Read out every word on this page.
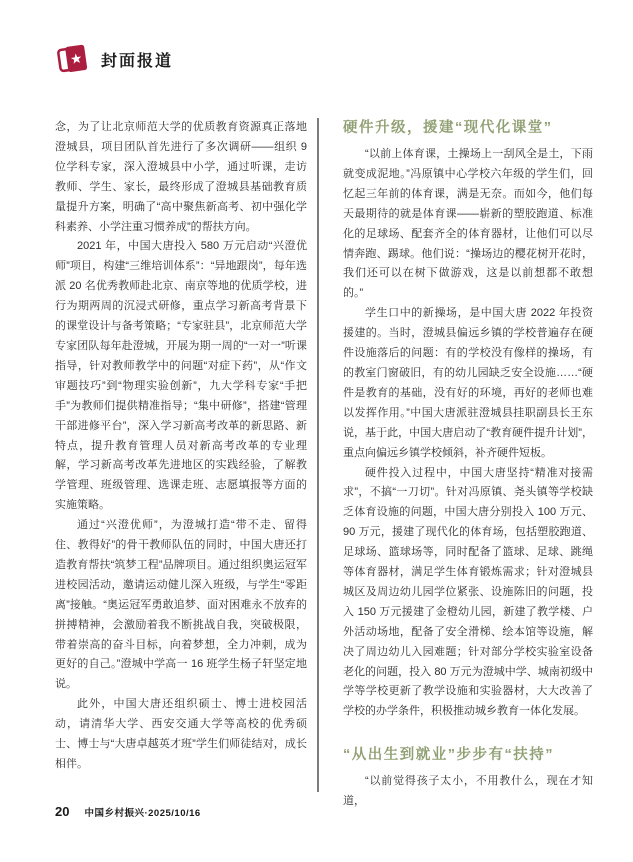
封面报道

念，为了让北京师范大学的优质教育资源真正落地澄城县，项目团队首先进行了多次调研——组织 9 位学科专家，深入澄城县中小学，通过听课，走访教师、学生、家长，最终形成了澄城县基础教育质量提升方案，明确了“高中聚焦新高考、初中强化学科素养、小学注重习惯养成”的帮扶方向。

2021 年，中国大唐投入 580 万元启动“兴澄优师”项目，构建“三维培训体系”：“异地跟岗”，每年选派 20 名优秀教师赴北京、南京等地的优质学校，进行为期两周的沉浸式研修，重点学习新高考背景下的课堂设计与备考策略；“专家驻县”，北京师范大学专家团队每年赴澄城，开展为期一周的“一对一”听课指导，针对教师教学中的问题“对症下药”，从“作文审题技巧”到“物理实验创新”，九大学科专家“手把手”为教师们提供精准指导；“集中研修”，搭建“管理干部进修平台”，深入学习新高考改革的新思路、新特点，提升教育管理人员对新高考改革的专业理解，学习新高考改革先进地区的实践经验，了解教学管理、班级管理、选课走班、志愿填报等方面的实施策略。

通过“兴澄优师”，为澄城打造“带不走、留得住、教得好”的骨干教师队伍的同时，中国大唐还打造教育帮扶“筑梦工程”品牌项目。通过组织奥运冠军进校园活动，邀请运动健儿深入班级，与学生“零距离”接触。“奥运冠军勇敢追梦、面对困难永不放弃的拼搏精神，会激励着我不断挑战自我，突破极限，带着崇高的奋斗目标，向着梦想，全力冲刺，成为更好的自己。”澄城中学高一 16 班学生杨子轩坚定地说。

此外，中国大唐还组织硕士、博士进校园活动，请清华大学、西安交通大学等高校的优秀硕士、博士与“大唐卓越英才班”学生们师徒结对，成长相伴。

硬件升级，援建“现代化课堂”

“以前上体育课，土操场上一刮风全是土，下雨就变成泥地。”冯原镇中心学校六年级的学生们，回忆起三年前的体育课，满是无奈。而如今，他们每天最期待的就是体育课——崭新的塑胶跑道、标准化的足球场、配套齐全的体育器材，让他们可以尽情奔跑、踢球。他们说：“操场边的樱花树开花时，我们还可以在树下做游戏，这是以前想都不敢想的。”

学生口中的新操场，是中国大唐 2022 年投资援建的。当时，澄城县偏远乡镇的学校普遍存在硬件设施落后的问题：有的学校没有像样的操场，有的教室门窗破旧，有的幼儿园缺乏安全设施……“硬件是教育的基础，没有好的环境，再好的老师也难以发挥作用。”中国大唐派驻澄城县挂职副县长王东说，基于此，中国大唐启动了“教育硬件提升计划”，重点向偏远乡镇学校倾斜，补齐硬件短板。

硬件投入过程中，中国大唐坚持“精准对接需求”，不搞“一刀切”。针对冯原镇、尧头镇等学校缺乏体育设施的问题，中国大唐分别投入 100 万元、90 万元，援建了现代化的体育场，包括塑胶跑道、足球场、篮球场等，同时配备了篮球、足球、跳绳等体育器材，满足学生体育锻炼需求；针对澄城县城区及周边幼儿园学位紧张、设施陈旧的问题，投入 150 万元援建了金橙幼儿园，新建了教学楼、户外活动场地，配备了安全滑梯、绘本馆等设施，解决了周边幼儿入园难题；针对部分学校实验室设备老化的问题，投入 80 万元为澄城中学、城南初级中学等学校更新了教学设施和实验器材，大大改善了学校的办学条件，积极推动城乡教育一体化发展。

“从出生到就业”步步有“扶持”

“以前觉得孩子太小，不用教什么，现在才知道，

20 中国乡村振兴·2025/10/16
